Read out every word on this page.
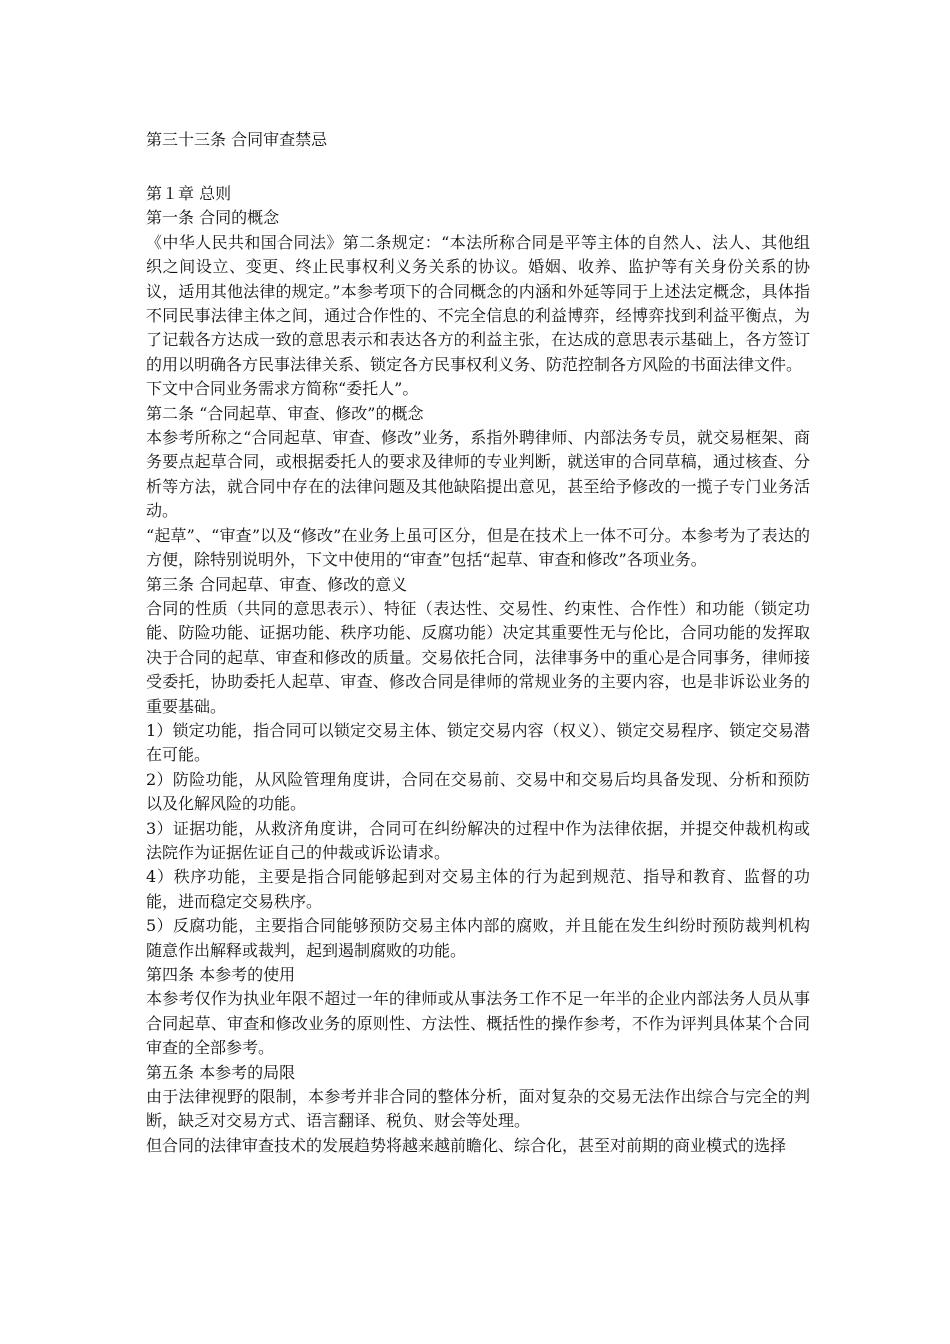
第三十三条 合同审查禁忌

第１章 总则

第一条 合同的概念

《中华人民共和国合同法》第二条规定：“本法所称合同是平等主体的自然人、法人、其他组织之间设立、变更、终止民事权利义务关系的协议。婚姻、收养、监护等有关身份关系的协议，适用其他法律的规定。”本参考项下的合同概念的内涵和外延等同于上述法定概念，具体指不同民事法律主体之间，通过合作性的、不完全信息的利益博弈，经博弈找到利益平衡点，为了记载各方达成一致的意思表示和表达各方的利益主张，在达成的意思表示基础上，各方签订的用以明确各方民事法律关系、锁定各方民事权利义务、防范控制各方风险的书面法律文件。

下文中合同业务需求方简称“委托人”。

第二条 “合同起草、审查、修改”的概念

本参考所称之“合同起草、审查、修改”业务，系指外聘律师、内部法务专员，就交易框架、商务要点起草合同，或根据委托人的要求及律师的专业判断，就送审的合同草稿，通过核查、分析等方法，就合同中存在的法律问题及其他缺陷提出意见，甚至给予修改的一揽子专门业务活动。

“起草”、“审查”以及“修改”在业务上虽可区分，但是在技术上一体不可分。本参考为了表达的方便，除特别说明外，下文中使用的“审查”包括“起草、审查和修改”各项业务。

第三条 合同起草、审查、修改的意义

合同的性质（共同的意思表示）、特征（表达性、交易性、约束性、合作性）和功能（锁定功能、防险功能、证据功能、秩序功能、反腐功能）决定其重要性无与伦比，合同功能的发挥取决于合同的起草、审查和修改的质量。交易依托合同，法律事务中的重心是合同事务，律师接受委托，协助委托人起草、审查、修改合同是律师的常规业务的主要内容，也是非诉讼业务的重要基础。

1）锁定功能，指合同可以锁定交易主体、锁定交易内容（权义）、锁定交易程序、锁定交易潜在可能。

2）防险功能，从风险管理角度讲，合同在交易前、交易中和交易后均具备发现、分析和预防以及化解风险的功能。

3）证据功能，从救济角度讲，合同可在纠纷解决的过程中作为法律依据，并提交仲裁机构或法院作为证据佐证自己的仲裁或诉讼请求。

4）秩序功能，主要是指合同能够起到对交易主体的行为起到规范、指导和教育、监督的功能，进而稳定交易秩序。

5）反腐功能，主要指合同能够预防交易主体内部的腐败，并且能在发生纠纷时预防裁判机构随意作出解释或裁判，起到遏制腐败的功能。

第四条 本参考的使用

本参考仅作为执业年限不超过一年的律师或从事法务工作不足一年半的企业内部法务人员从事合同起草、审查和修改业务的原则性、方法性、概括性的操作参考，不作为评判具体某个合同审查的全部参考。

第五条 本参考的局限

由于法律视野的限制，本参考并非合同的整体分析，面对复杂的交易无法作出综合与完全的判断，缺乏对交易方式、语言翻译、税负、财会等处理。

但合同的法律审查技术的发展趋势将越来越前瞻化、综合化，甚至对前期的商业模式的选择
